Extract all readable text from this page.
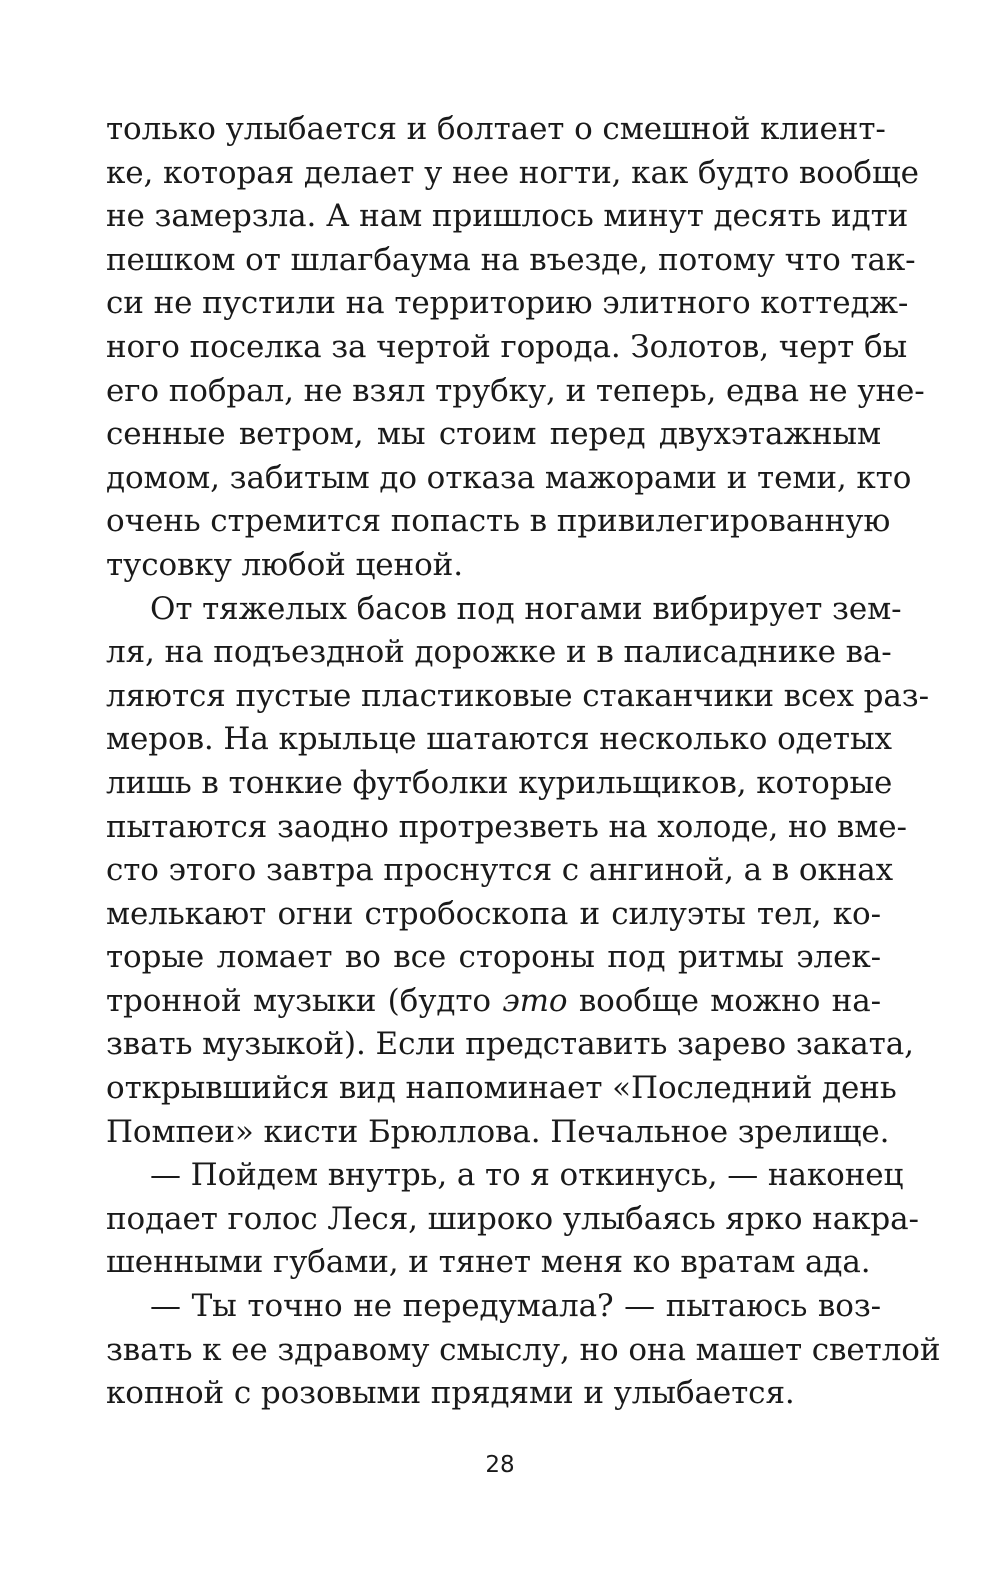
только улыбается и болтает о смешной клиент-
ке, которая делает у нее ногти, как будто вообще
не замерзла. А нам пришлось минут десять идти
пешком от шлагбаума на въезде, потому что так-
си не пустили на территорию элитного коттедж-
ного поселка за чертой города. Золотов, черт бы
его побрал, не взял трубку, и теперь, едва не уне-
сенные ветром, мы стоим перед двухэтажным
домом, забитым до отказа мажорами и теми, кто
очень стремится попасть в привилегированную
тусовку любой ценой.
От тяжелых басов под ногами вибрирует зем-
ля, на подъездной дорожке и в палисаднике ва-
ляются пустые пластиковые стаканчики всех раз-
меров. На крыльце шатаются несколько одетых
лишь в тонкие футболки курильщиков, которые
пытаются заодно протрезветь на холоде, но вме-
сто этого завтра проснутся с ангиной, а в окнах
мелькают огни стробоскопа и силуэты тел, ко-
торые ломает во все стороны под ритмы элек-
тронной музыки (будто это вообще можно на-
звать музыкой). Если представить зарево заката,
открывшийся вид напоминает «Последний день
Помпеи» кисти Брюллова. Печальное зрелище.
— Пойдем внутрь, а то я откинусь, — наконец
подает голос Леся, широко улыбаясь ярко накра-
шенными губами, и тянет меня ко вратам ада.
— Ты точно не передумала? — пытаюсь воз-
звать к ее здравому смыслу, но она машет светлой
копной с розовыми прядями и улыбается.
28
